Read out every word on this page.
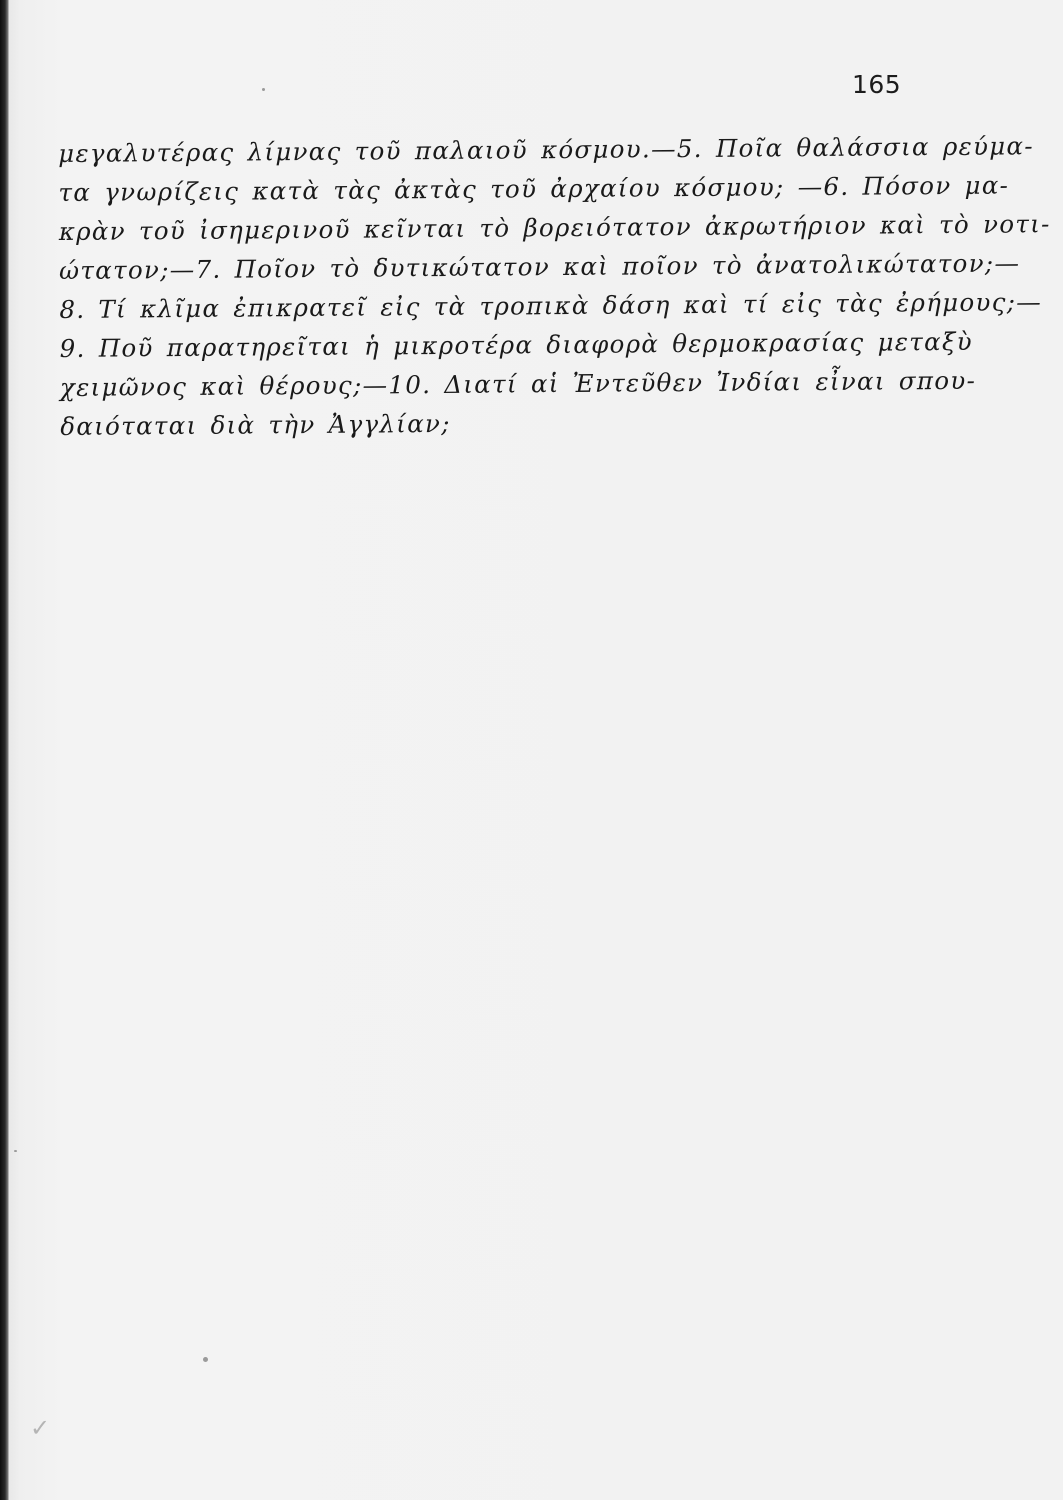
165
μεγαλυτέρας λίμνας τοῦ παλαιοῦ κόσμου.—5. Ποῖα θαλάσσια ρεύμα-
τα γνωρίζεις κατὰ τὰς ἀκτὰς τοῦ ἀρχαίου κόσμου; —6. Πόσον μα-
κρὰν τοῦ ἰσημερινοῦ κεῖνται τὸ βορειότατον ἀκρωτήριον καὶ τὸ νοτι-
ώτατον;—7. Ποῖον τὸ δυτικώτατον καὶ ποῖον τὸ ἀνατολικώτατον;—
8. Τί κλῖμα ἐπικρατεῖ εἰς τὰ τροπικὰ δάση καὶ τί εἰς τὰς ἐρήμους;—
9. Ποῦ παρατηρεῖται ἡ μικροτέρα διαφορὰ θερμοκρασίας μεταξὺ
χειμῶνος καὶ θέρους;—10. Διατί αἱ Ἐντεῦθεν Ἰνδίαι εἶναι σπου-
δαιόταται διὰ τὴν Ἀγγλίαν;
✓
